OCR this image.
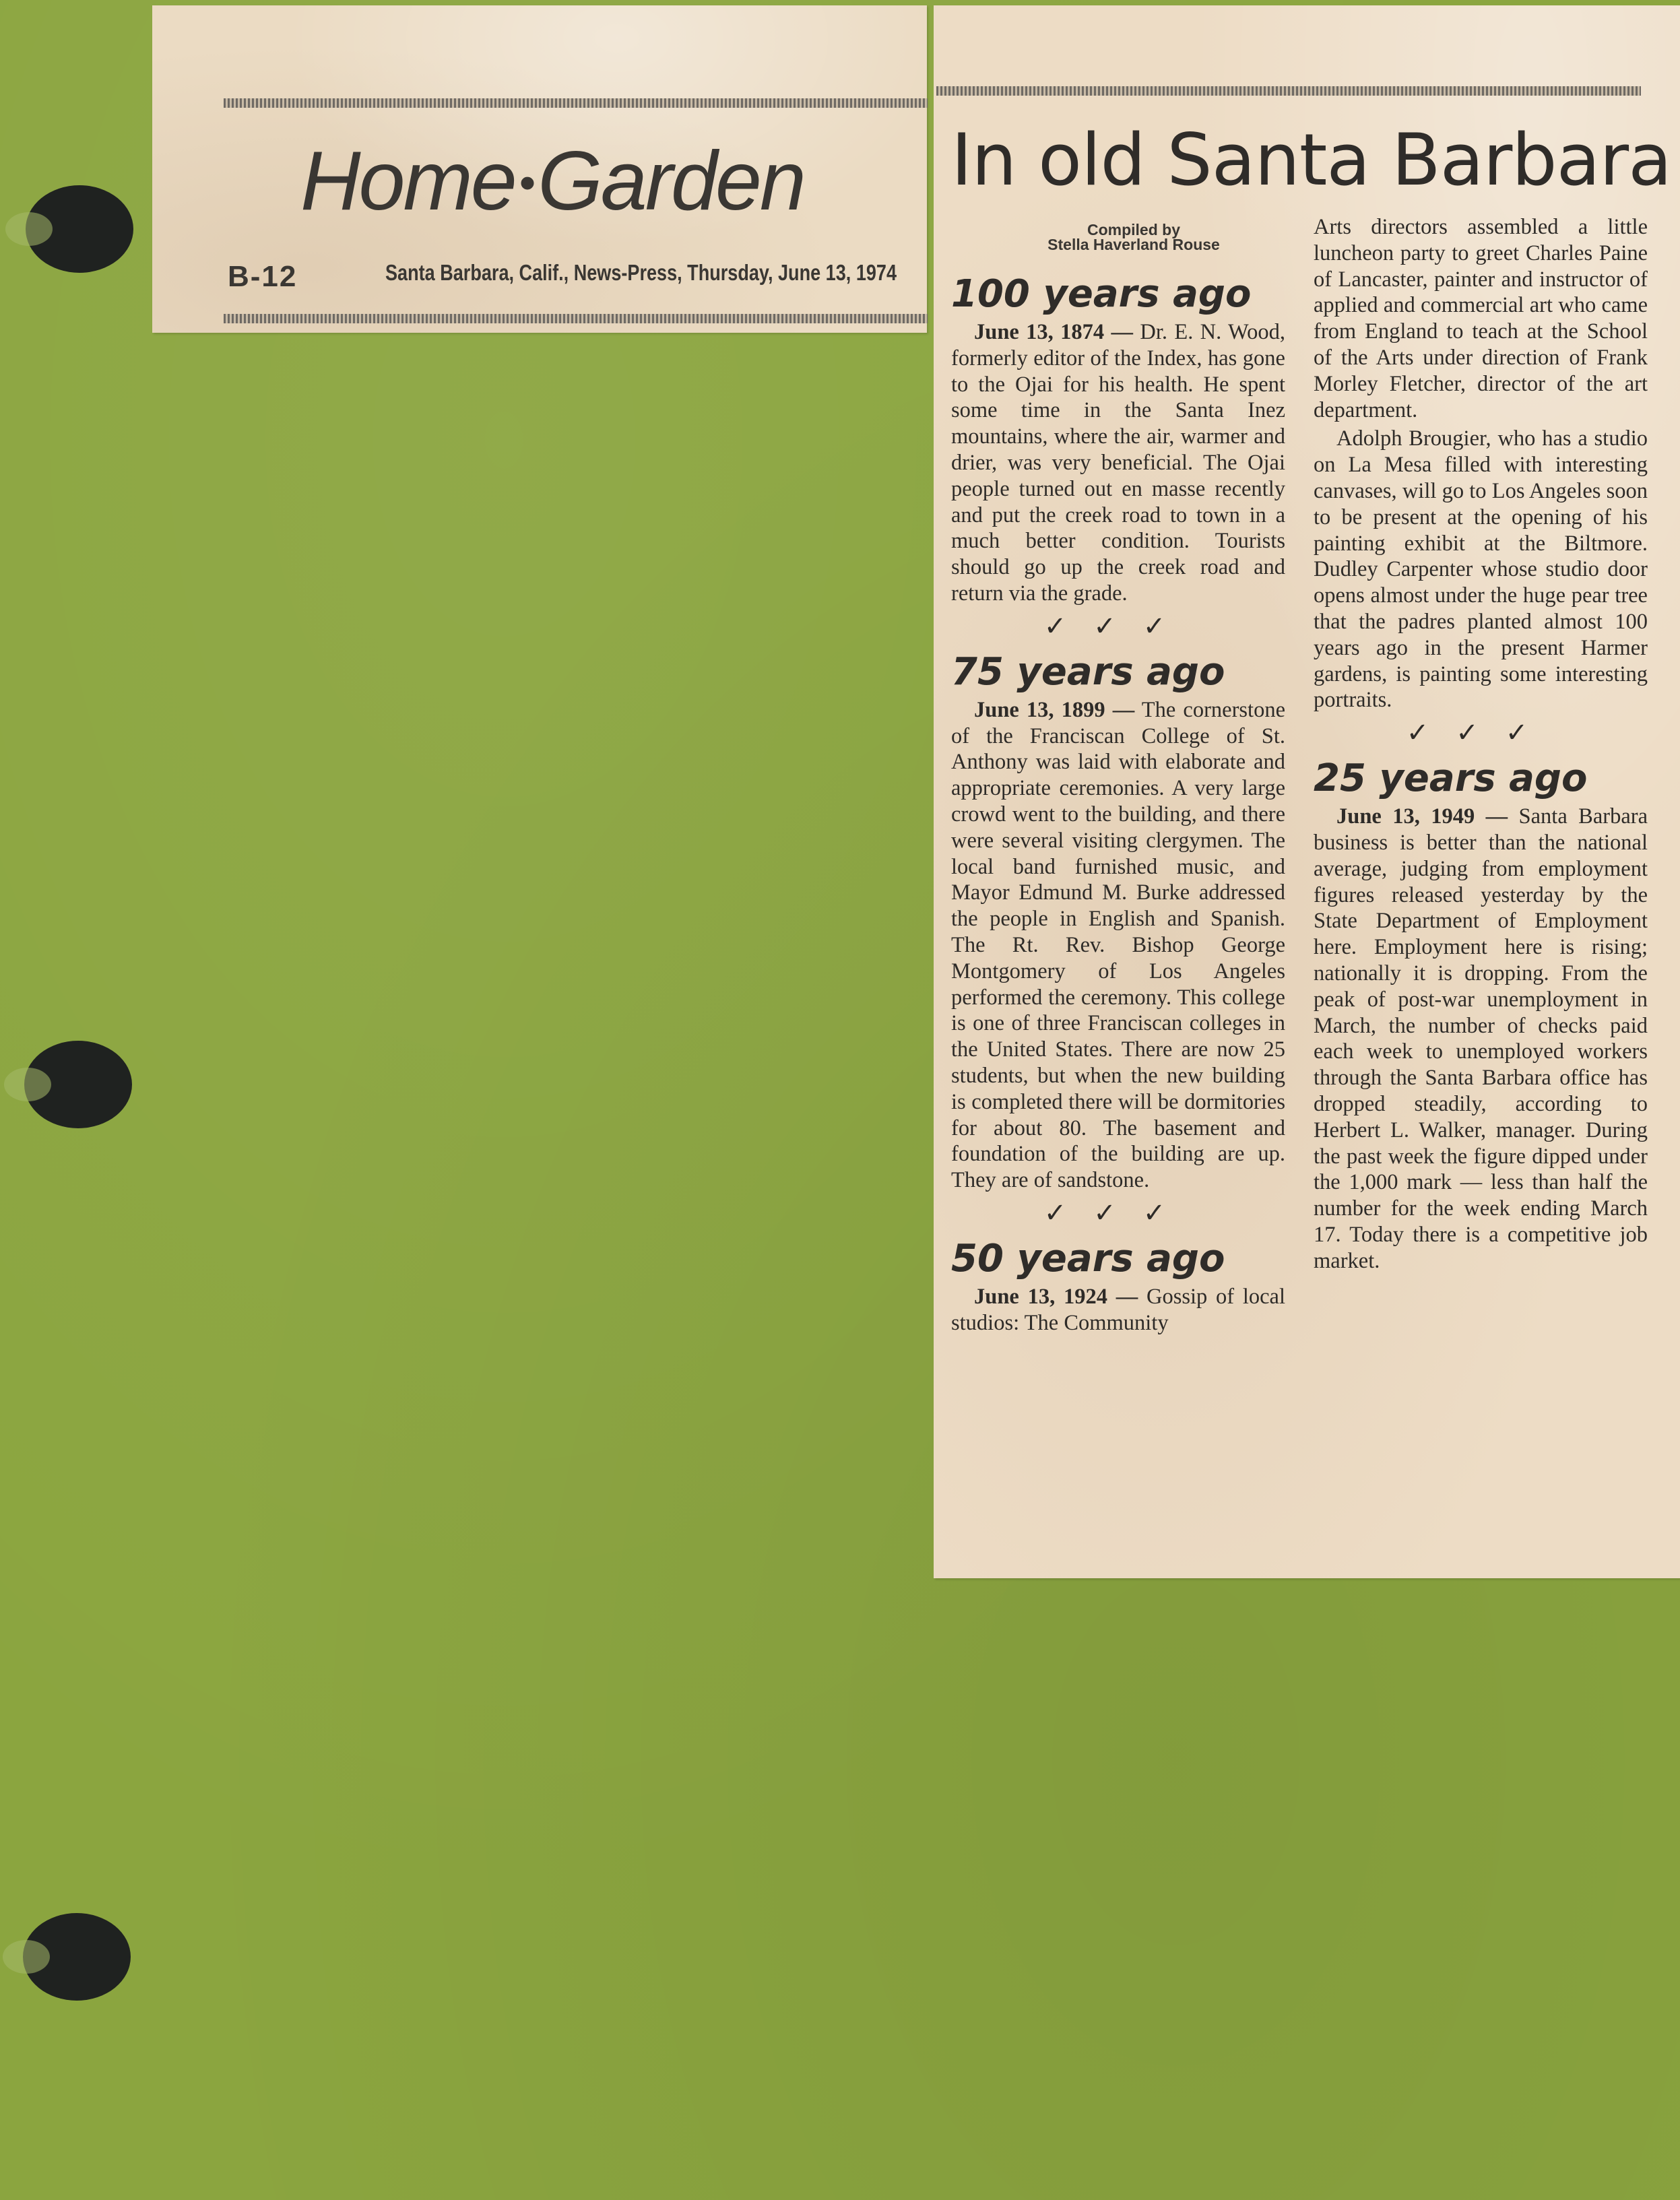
Home•Garden
B-12	Santa Barbara, Calif., News-Press, Thursday, June 13, 1974
In old Santa Barbara
Compiled by
Stella Haverland Rouse
100 years ago

June 13, 1874 — Dr. E. N. Wood, formerly editor of the Index, has gone to the Ojai for his health. He spent some time in the Santa Inez mountains, where the air, warmer and drier, was very beneficial. The Ojai people turned out en masse recently and put the creek road to town in a much better condition. Tourists should go up the creek road and return via the grade.

✓✓✓
75 years ago

June 13, 1899 — The cornerstone of the Franciscan College of St. Anthony was laid with elaborate and appropriate ceremonies. A very large crowd went to the building, and there were several visiting clergymen. The local band furnished music, and Mayor Edmund M. Burke addressed the people in English and Spanish. The Rt. Rev. Bishop George Montgomery of Los Angeles performed the ceremony. This college is one of three Franciscan colleges in the United States. There are now 25 students, but when the new building is completed there will be dormitories for about 80. The basement and foundation of the building are up. They are of sandstone.

✓✓✓
50 years ago

June 13, 1924 — Gossip of local studios: The Community

Arts directors assembled a little luncheon party to greet Charles Paine of Lancaster, painter and instructor of applied and commercial art who came from England to teach at the School of the Arts under direction of Frank Morley Fletcher, director of the art department.

Adolph Brougier, who has a studio on La Mesa filled with interesting canvases, will go to Los Angeles soon to be present at the opening of his painting exhibit at the Biltmore. Dudley Carpenter whose studio door opens almost under the huge pear tree that the padres planted almost 100 years ago in the present Harmer gardens, is painting some interesting portraits.

✓✓✓
25 years ago

June 13, 1949 — Santa Barbara business is better than the national average, judging from employment figures released yesterday by the State Department of Employment here. Employment here is rising; nationally it is dropping. From the peak of post-war unemployment in March, the number of checks paid each week to unemployed workers through the Santa Barbara office has dropped steadily, according to Herbert L. Walker, manager. During the past week the figure dipped under the 1,000 mark — less than half the number for the week ending March 17. Today there is a competitive job market.
